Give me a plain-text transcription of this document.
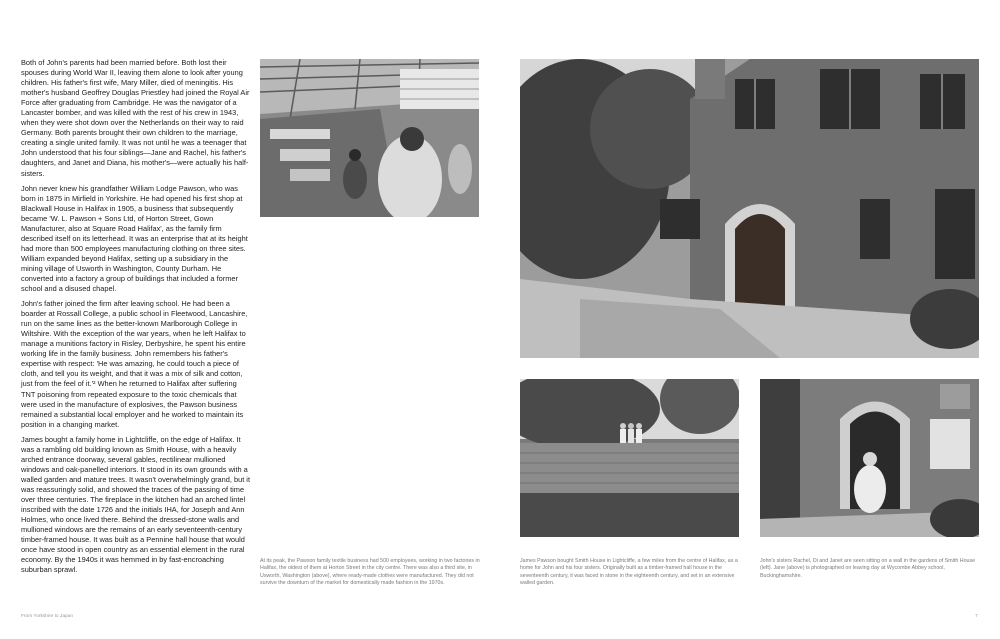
Both of John's parents had been married before. Both lost their spouses during World War II, leaving them alone to look after young children. His father's first wife, Mary Miller, died of meningitis. His mother's husband Geoffrey Douglas Priestley had joined the Royal Air Force after graduating from Cambridge. He was the navigator of a Lancaster bomber, and was killed with the rest of his crew in 1943, when they were shot down over the Netherlands on their way to raid Germany. Both parents brought their own children to the marriage, creating a single united family. It was not until he was a teenager that John understood that his four siblings—Jane and Rachel, his father's daughters, and Janet and Diana, his mother's—were actually his half-sisters.

John never knew his grandfather William Lodge Pawson, who was born in 1875 in Mirfield in Yorkshire. He had opened his first shop at Blackwall House in Halifax in 1905, a business that subsequently became 'W. L. Pawson + Sons Ltd, of Horton Street, Gown Manufacturer, also at Square Road Halifax', as the family firm described itself on its letterhead. It was an enterprise that at its height had more than 500 employees manufacturing clothing on three sites. William expanded beyond Halifax, setting up a subsidiary in the mining village of Usworth in Washington, County Durham. He converted into a factory a group of buildings that included a former school and a disused chapel.

John's father joined the firm after leaving school. He had been a boarder at Rossall College, a public school in Fleetwood, Lancashire, run on the same lines as the better-known Marlborough College in Wiltshire. With the exception of the war years, when he left Halifax to manage a munitions factory in Risley, Derbyshire, he spent his entire working life in the family business. John remembers his father's expertise with respect: 'He was amazing, he could touch a piece of cloth, and tell you its weight, and that it was a mix of silk and cotton, just from the feel of it.'² When he returned to Halifax after suffering TNT poisoning from repeated exposure to the toxic chemicals that were used in the manufacture of explosives, the Pawson business remained a substantial local employer and he worked to maintain its position in a changing market.

James bought a family home in Lightcliffe, on the edge of Halifax. It was a rambling old building known as Smith House, with a heavily arched entrance doorway, several gables, rectilinear mullioned windows and oak-panelled interiors. It stood in its own grounds with a walled garden and mature trees. It wasn't overwhelmingly grand, but it was reassuringly solid, and showed the traces of the passing of time over three centuries. The fireplace in the kitchen had an arched lintel inscribed with the date 1726 and the initials IHA, for Joseph and Ann Holmes, who once lived there. Behind the dressed-stone walls and mullioned windows are the remains of an early seventeenth-century timber-framed house. It was built as a Pennine hall house that would once have stood in open country as an essential element in the rural economy. By the 1940s it was hemmed in by fast-encroaching suburban sprawl.

At its peak, the Pawson family textile business had 500 employees, working in two factories in Halifax, the oldest of them at Horton Street in the city centre. There was also a third site, in Usworth, Washington (above), where ready-made clothes were manufactured. They did not survive the downturn of the market for domestically made fashion in the 1970s.
James Pawson bought Smith House in Lightcliffe, a few miles from the centre of Halifax, as a home for John and his four sisters. Originally built as a timber-framed hall house in the seventeenth century, it was faced in stone in the eighteenth century, and set in an extensive walled garden.
John's sisters Rachel, Di and Janet are seen sitting on a wall in the gardens of Smith House (left). Jane (above) is photographed on leaving day at Wycombe Abbey school, Buckinghamshire.
From Yorkshire to Japan	7
